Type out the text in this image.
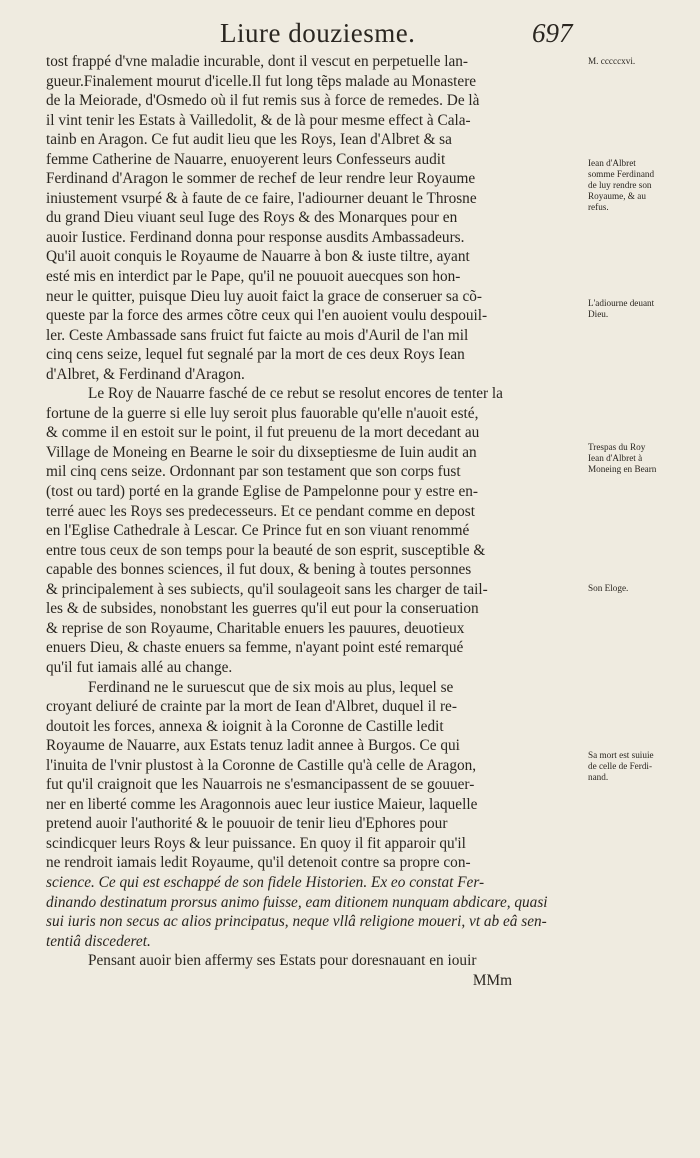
Liure douziesme.	697
tost frappé d'vne maladie incurable, dont il vescut en perpetuelle lan-
gueur.Finalement mourut d'icelle.Il fut long tẽps malade au Monastere
de la Meiorade, d'Osmedo où il fut remis sus à force de remedes. De là
il vint tenir les Estats à Vailledolit, & de là pour mesme effect à Cala-
tainb en Aragon. Ce fut audit lieu que les Roys, Iean d'Albret & sa
femme Catherine de Nauarre, enuoyerent leurs Confesseurs audit
Ferdinand d'Aragon le sommer de rechef de leur rendre leur Royaume
iniustement vsurpé & à faute de ce faire, l'adiourner deuant le Throsne
du grand Dieu viuant seul Iuge des Roys & des Monarques pour en
auoir Iustice. Ferdinand donna pour response ausdits Ambassadeurs.
Qu'il auoit conquis le Royaume de Nauarre à bon & iuste tiltre, ayant
esté mis en interdict par le Pape, qu'il ne pouuoit auecques son hon-
neur le quitter, puisque Dieu luy auoit faict la grace de conseruer sa cõ-
queste par la force des armes cõtre ceux qui l'en auoient voulu despouil-
ler. Ceste Ambassade sans fruict fut faicte au mois d'Auril de l'an mil
cinq cens seize, lequel fut segnalé par la mort de ces deux Roys Iean
d'Albret, & Ferdinand d'Aragon.
Le Roy de Nauarre fasché de ce rebut se resolut encores de tenter la
fortune de la guerre si elle luy seroit plus fauorable qu'elle n'auoit esté,
& comme il en estoit sur le point, il fut preuenu de la mort decedant au
Village de Moneing en Bearne le soir du dixseptiesme de Iuin audit an
mil cinq cens seize. Ordonnant par son testament que son corps fust
(tost ou tard) porté en la grande Eglise de Pampelonne pour y estre en-
terré auec les Roys ses predecesseurs. Et ce pendant comme en depost
en l'Eglise Cathedrale à Lescar. Ce Prince fut en son viuant renommé
entre tous ceux de son temps pour la beauté de son esprit, susceptible &
capable des bonnes sciences, il fut doux, & bening à toutes personnes
& principalement à ses subiects, qu'il soulageoit sans les charger de tail-
les & de subsides, nonobstant les guerres qu'il eut pour la conseruation
& reprise de son Royaume, Charitable enuers les pauures, deuotieux
enuers Dieu, & chaste enuers sa femme, n'ayant point esté remarqué
qu'il fut iamais allé au change.
Ferdinand ne le suruescut que de six mois au plus, lequel se
croyant deliuré de crainte par la mort de Iean d'Albret, duquel il re-
doutoit les forces, annexa & ioignit à la Coronne de Castille ledit
Royaume de Nauarre, aux Estats tenuz ladit annee à Burgos. Ce qui
l'inuita de l'vnir plustost à la Coronne de Castille qu'à celle de Aragon,
fut qu'il craignoit que les Nauarrois ne s'esmancipassent de se gouuer-
ner en liberté comme les Aragonnois auec leur iustice Maieur, laquelle
pretend auoir l'authorité & le pouuoir de tenir lieu d'Ephores pour
scindicquer leurs Roys & leur puissance. En quoy il fit apparoir qu'il
ne rendroit iamais ledit Royaume, qu'il detenoit contre sa propre con-
science. Ce qui est eschappé de son fidele Historien. Ex eo constat Fer-
dinando destinatum prorsus animo fuisse, eam ditionem nunquam abdicare, quasi
sui iuris non secus ac alios principatus, neque vllâ religione moueri, vt ab eâ sen-
tentiâ discederet.
Pensant auoir bien affermy ses Estats pour doresnauant en iouir
MMm
M. cccccxvi.
Iean d'Albret
somme Ferdinand
de luy rendre son
Royaume, & au
refus.
L'adiourne deuant
Dieu.
Trespas du Roy
Iean d'Albret à
Moneing en Bearn
Son Eloge.
Sa mort est suiuie
de celle de Ferdi-
nand.
